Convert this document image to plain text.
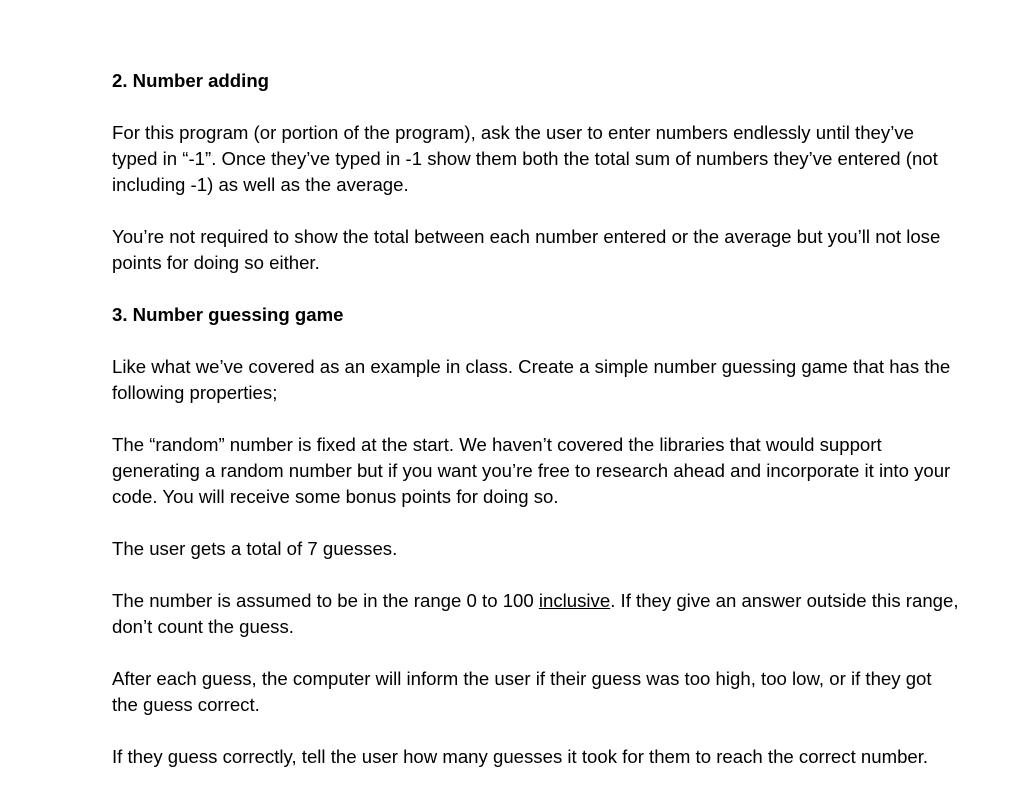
2. Number adding
For this program (or portion of the program), ask the user to enter numbers endlessly until they’ve typed in “-1”. Once they’ve typed in -1 show them both the total sum of numbers they’ve entered (not including -1) as well as the average.
You’re not required to show the total between each number entered or the average but you’ll not lose points for doing so either.
3. Number guessing game
Like what we’ve covered as an example in class. Create a simple number guessing game that has the following properties;
The “random” number is fixed at the start. We haven’t covered the libraries that would support generating a random number but if you want you’re free to research ahead and incorporate it into your code. You will receive some bonus points for doing so.
The user gets a total of 7 guesses.
The number is assumed to be in the range 0 to 100 inclusive. If they give an answer outside this range, don’t count the guess.
After each guess, the computer will inform the user if their guess was too high, too low, or if they got the guess correct.
If they guess correctly, tell the user how many guesses it took for them to reach the correct number.
